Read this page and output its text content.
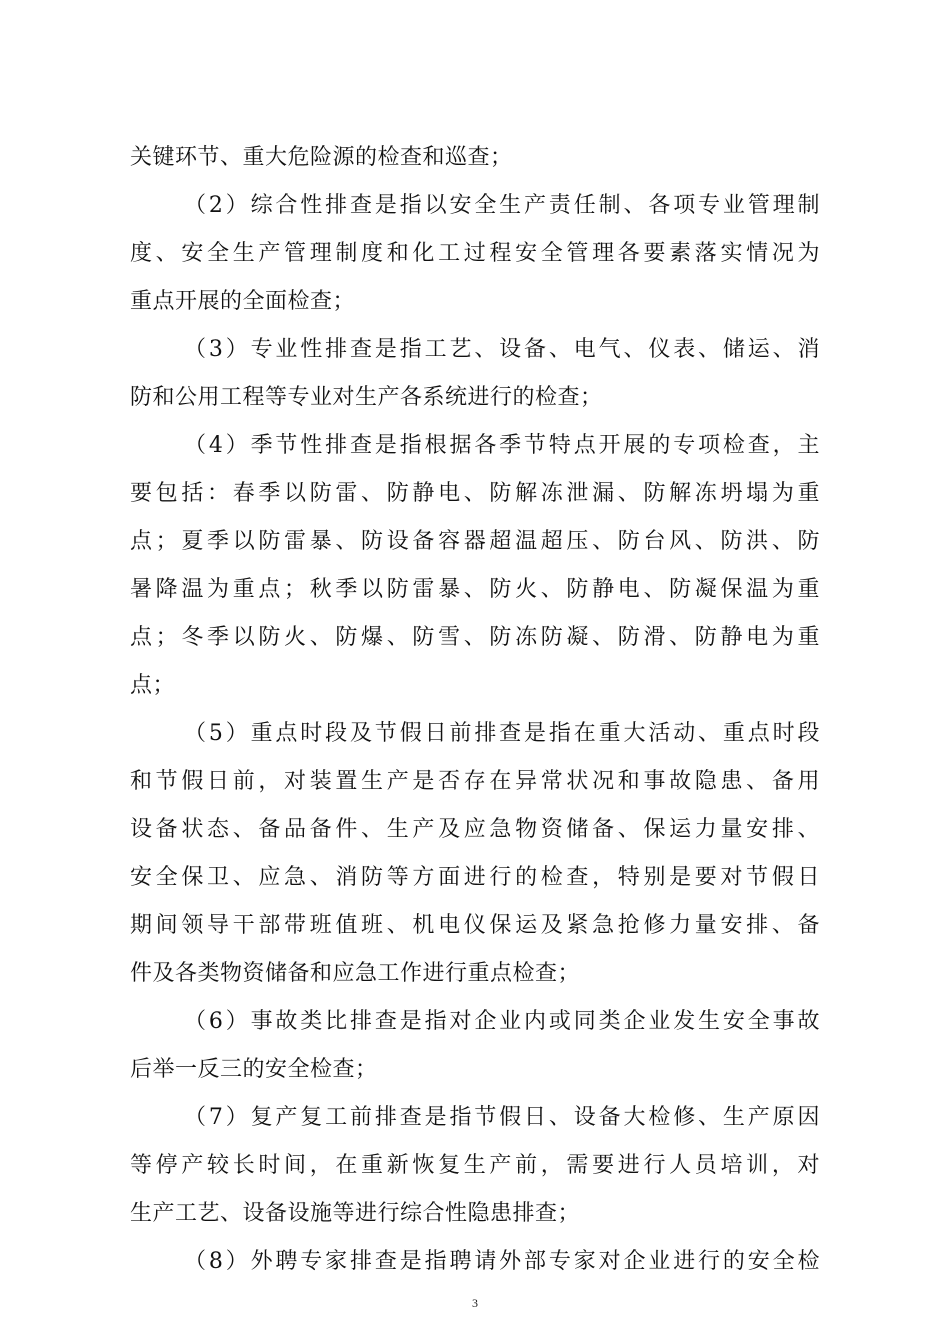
关键环节、重大危险源的检查和巡查；
（2）综合性排查是指以安全生产责任制、各项专业管理制
度、安全生产管理制度和化工过程安全管理各要素落实情况为
重点开展的全面检查；
（3）专业性排查是指工艺、设备、电气、仪表、储运、消
防和公用工程等专业对生产各系统进行的检查；
（4）季节性排查是指根据各季节特点开展的专项检查，主
要包括：春季以防雷、防静电、防解冻泄漏、防解冻坍塌为重
点；夏季以防雷暴、防设备容器超温超压、防台风、防洪、防
暑降温为重点；秋季以防雷暴、防火、防静电、防凝保温为重
点；冬季以防火、防爆、防雪、防冻防凝、防滑、防静电为重
点；
（5）重点时段及节假日前排查是指在重大活动、重点时段
和节假日前，对装置生产是否存在异常状况和事故隐患、备用
设备状态、备品备件、生产及应急物资储备、保运力量安排、
安全保卫、应急、消防等方面进行的检查，特别是要对节假日
期间领导干部带班值班、机电仪保运及紧急抢修力量安排、备
件及各类物资储备和应急工作进行重点检查；
（6）事故类比排查是指对企业内或同类企业发生安全事故
后举一反三的安全检查；
（7）复产复工前排查是指节假日、设备大检修、生产原因
等停产较长时间，在重新恢复生产前，需要进行人员培训，对
生产工艺、设备设施等进行综合性隐患排查；
（8）外聘专家排查是指聘请外部专家对企业进行的安全检
3
